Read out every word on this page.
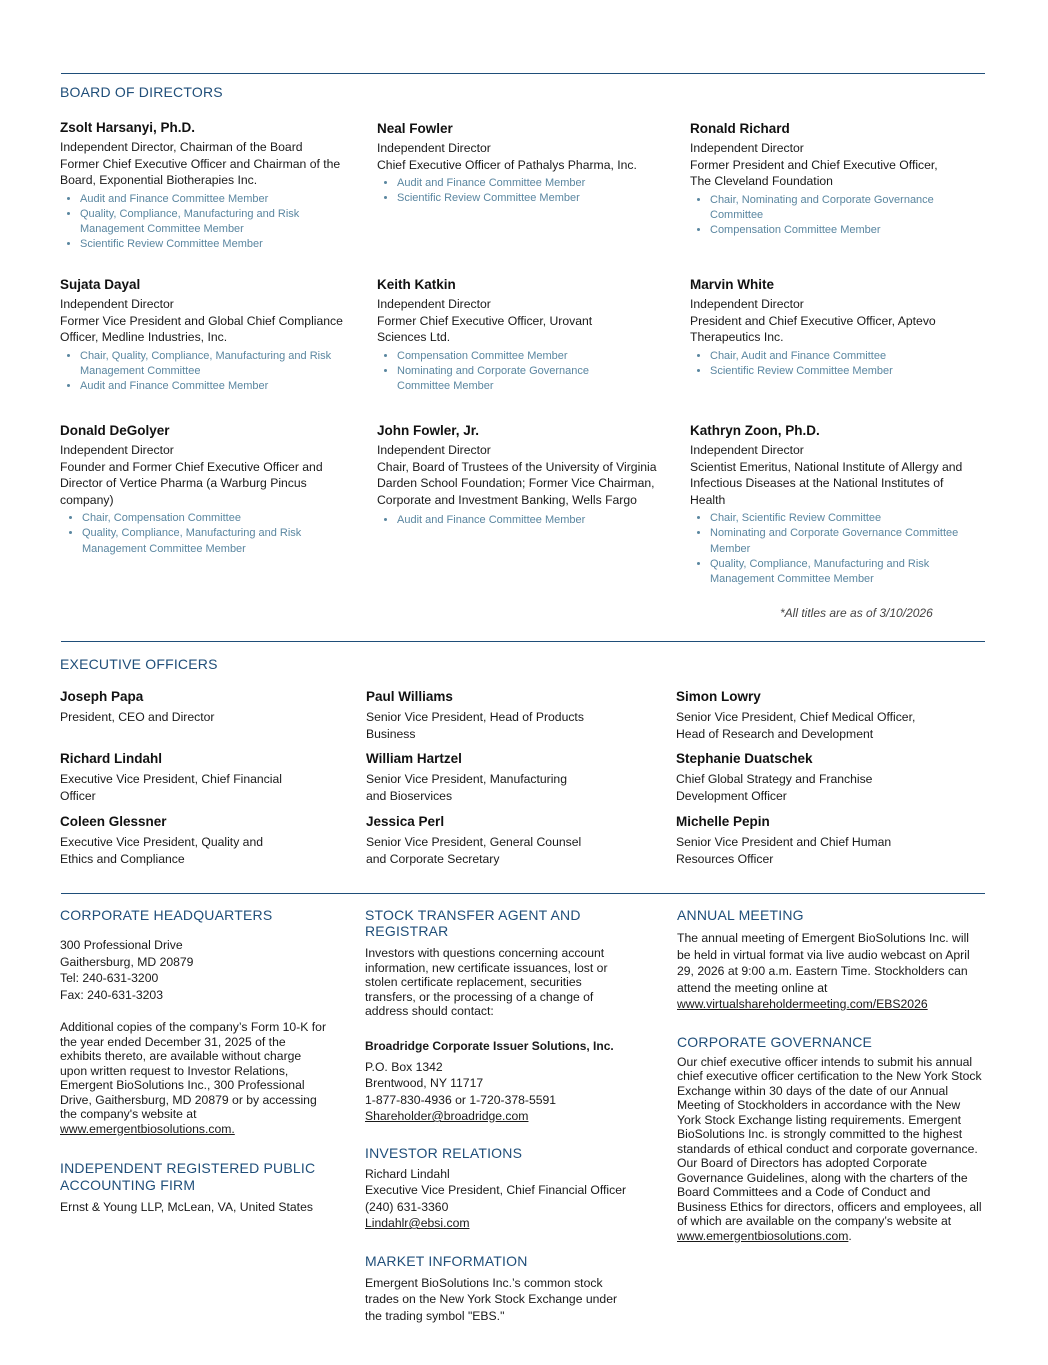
BOARD OF DIRECTORS
Zsolt Harsanyi, Ph.D.
Independent Director, Chairman of the Board
Former Chief Executive Officer and Chairman of the Board, Exponential Biotherapies Inc.
• Audit and Finance Committee Member
• Quality, Compliance, Manufacturing and Risk Management Committee Member
• Scientific Review Committee Member
Neal Fowler
Independent Director
Chief Executive Officer of Pathalys Pharma, Inc.
• Audit and Finance Committee Member
• Scientific Review Committee Member
Ronald Richard
Independent Director
Former President and Chief Executive Officer, The Cleveland Foundation
• Chair, Nominating and Corporate Governance Committee
• Compensation Committee Member
Sujata Dayal
Independent Director
Former Vice President and Global Chief Compliance Officer, Medline Industries, Inc.
• Chair, Quality, Compliance, Manufacturing and Risk Management Committee
• Audit and Finance Committee Member
Keith Katkin
Independent Director
Former Chief Executive Officer, Urovant Sciences Ltd.
• Compensation Committee Member
• Nominating and Corporate Governance Committee Member
Marvin White
Independent Director
President and Chief Executive Officer, Aptevo Therapeutics Inc.
• Chair, Audit and Finance Committee
• Scientific Review Committee Member
Donald DeGolyer
Independent Director
Founder and Former Chief Executive Officer and Director of Vertice Pharma (a Warburg Pincus company)
• Chair, Compensation Committee
• Quality, Compliance, Manufacturing and Risk Management Committee Member
John Fowler, Jr.
Independent Director
Chair, Board of Trustees of the University of Virginia Darden School Foundation; Former Vice Chairman, Corporate and Investment Banking, Wells Fargo
• Audit and Finance Committee Member
Kathryn Zoon, Ph.D.
Independent Director
Scientist Emeritus, National Institute of Allergy and Infectious Diseases at the National Institutes of Health
• Chair, Scientific Review Committee
• Nominating and Corporate Governance Committee Member
• Quality, Compliance, Manufacturing and Risk Management Committee Member
*All titles are as of 3/10/2026
EXECUTIVE OFFICERS
Joseph Papa
President, CEO and Director
Paul Williams
Senior Vice President, Head of Products Business
Simon Lowry
Senior Vice President, Chief Medical Officer, Head of Research and Development
Richard Lindahl
Executive Vice President, Chief Financial Officer
William Hartzel
Senior Vice President, Manufacturing and Bioservices
Stephanie Duatschek
Chief Global Strategy and Franchise Development Officer
Coleen Glessner
Executive Vice President, Quality and Ethics and Compliance
Jessica Perl
Senior Vice President, General Counsel and Corporate Secretary
Michelle Pepin
Senior Vice President and Chief Human Resources Officer
CORPORATE HEADQUARTERS
300 Professional Drive
Gaithersburg, MD 20879
Tel: 240-631-3200
Fax: 240-631-3203
Additional copies of the company’s Form 10-K for the year ended December 31, 2025 of the exhibits thereto, are available without charge upon written request to Investor Relations, Emergent BioSolutions Inc., 300 Professional Drive, Gaithersburg, MD 20879 or by accessing the company's website at www.emergentbiosolutions.com.
INDEPENDENT REGISTERED PUBLIC ACCOUNTING FIRM
Ernst & Young LLP, McLean, VA, United States
STOCK TRANSFER AGENT AND REGISTRAR
Investors with questions concerning account information, new certificate issuances, lost or stolen certificate replacement, securities transfers, or the processing of a change of address should contact:
Broadridge Corporate Issuer Solutions, Inc.
P.O. Box 1342
Brentwood, NY 11717
1-877-830-4936 or 1-720-378-5591
Shareholder@broadridge.com
INVESTOR RELATIONS
Richard Lindahl
Executive Vice President, Chief Financial Officer
(240) 631-3360
Lindahlr@ebsi.com
MARKET INFORMATION
Emergent BioSolutions Inc.’s common stock trades on the New York Stock Exchange under the trading symbol "EBS."
ANNUAL MEETING
The annual meeting of Emergent BioSolutions Inc. will be held in virtual format via live audio webcast on April 29, 2026 at 9:00 a.m. Eastern Time. Stockholders can attend the meeting online at www.virtualshareholdermeeting.com/EBS2026
CORPORATE GOVERNANCE
Our chief executive officer intends to submit his annual chief executive officer certification to the New York Stock Exchange within 30 days of the date of our Annual Meeting of Stockholders in accordance with the New York Stock Exchange listing requirements. Emergent BioSolutions Inc. is strongly committed to the highest standards of ethical conduct and corporate governance. Our Board of Directors has adopted Corporate Governance Guidelines, along with the charters of the Board Committees and a Code of Conduct and Business Ethics for directors, officers and employees, all of which are available on the company’s website at www.emergentbiosolutions.com.
